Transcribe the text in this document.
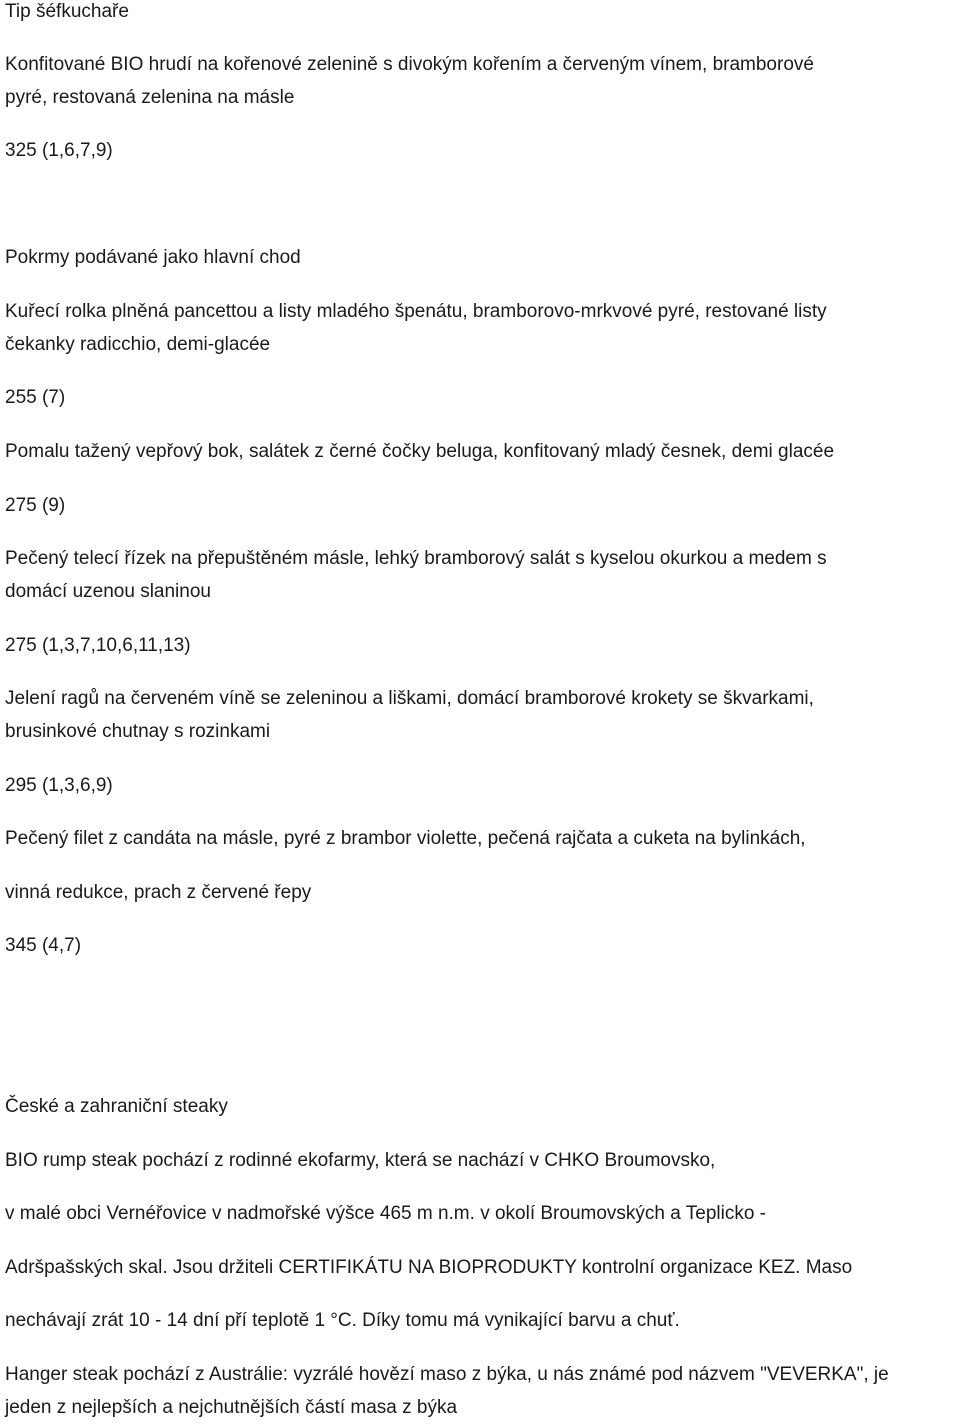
Tip šéfkuchaře
Konfitované BIO hrudí na kořenové zelenině s divokým kořením a červeným vínem, bramborové
pyré, restovaná zelenina na másle
325 (1,6,7,9)
Pokrmy podávané jako hlavní chod
Kuřecí rolka plněná pancettou a listy mladého špenátu, bramborovo-mrkvové pyré, restované listy
čekanky radicchio, demi-glacée
255 (7)
Pomalu tažený vepřový bok, salátek z černé čočky beluga, konfitovaný mladý česnek, demi glacée
275 (9)
Pečený telecí řízek na přepuštěném másle, lehký bramborový salát s kyselou okurkou a medem s
domácí uzenou slaninou
275 (1,3,7,10,6,11,13)
Jelení ragů na červeném víně se zeleninou a liškami, domácí bramborové krokety se škvarkami,
brusinkové chutnay s rozinkami
295 (1,3,6,9)
Pečený filet z candáta na másle, pyré z brambor violette, pečená rajčata a cuketa na bylinkách,
vinná redukce, prach z červené řepy
345 (4,7)
České a zahraniční steaky
BIO rump steak pochází z rodinné ekofarmy, která se nachází v CHKO Broumovsko,
v malé obci Vernéřovice v nadmořské výšce 465 m n.m. v okolí Broumovských a Teplicko -
Adršpašských skal. Jsou držiteli CERTIFIKÁTU NA BIOPRODUKTY kontrolní organizace KEZ. Maso
nechávají zrát 10 - 14 dní pří teplotě 1 °C. Díky tomu má vynikající barvu a chuť.
Hanger steak pochází z Austrálie: vyzrálé hovězí maso z býka, u nás známé pod názvem "VEVERKA", je
jeden z nejlepších a nejchutnějších částí masa z býka
